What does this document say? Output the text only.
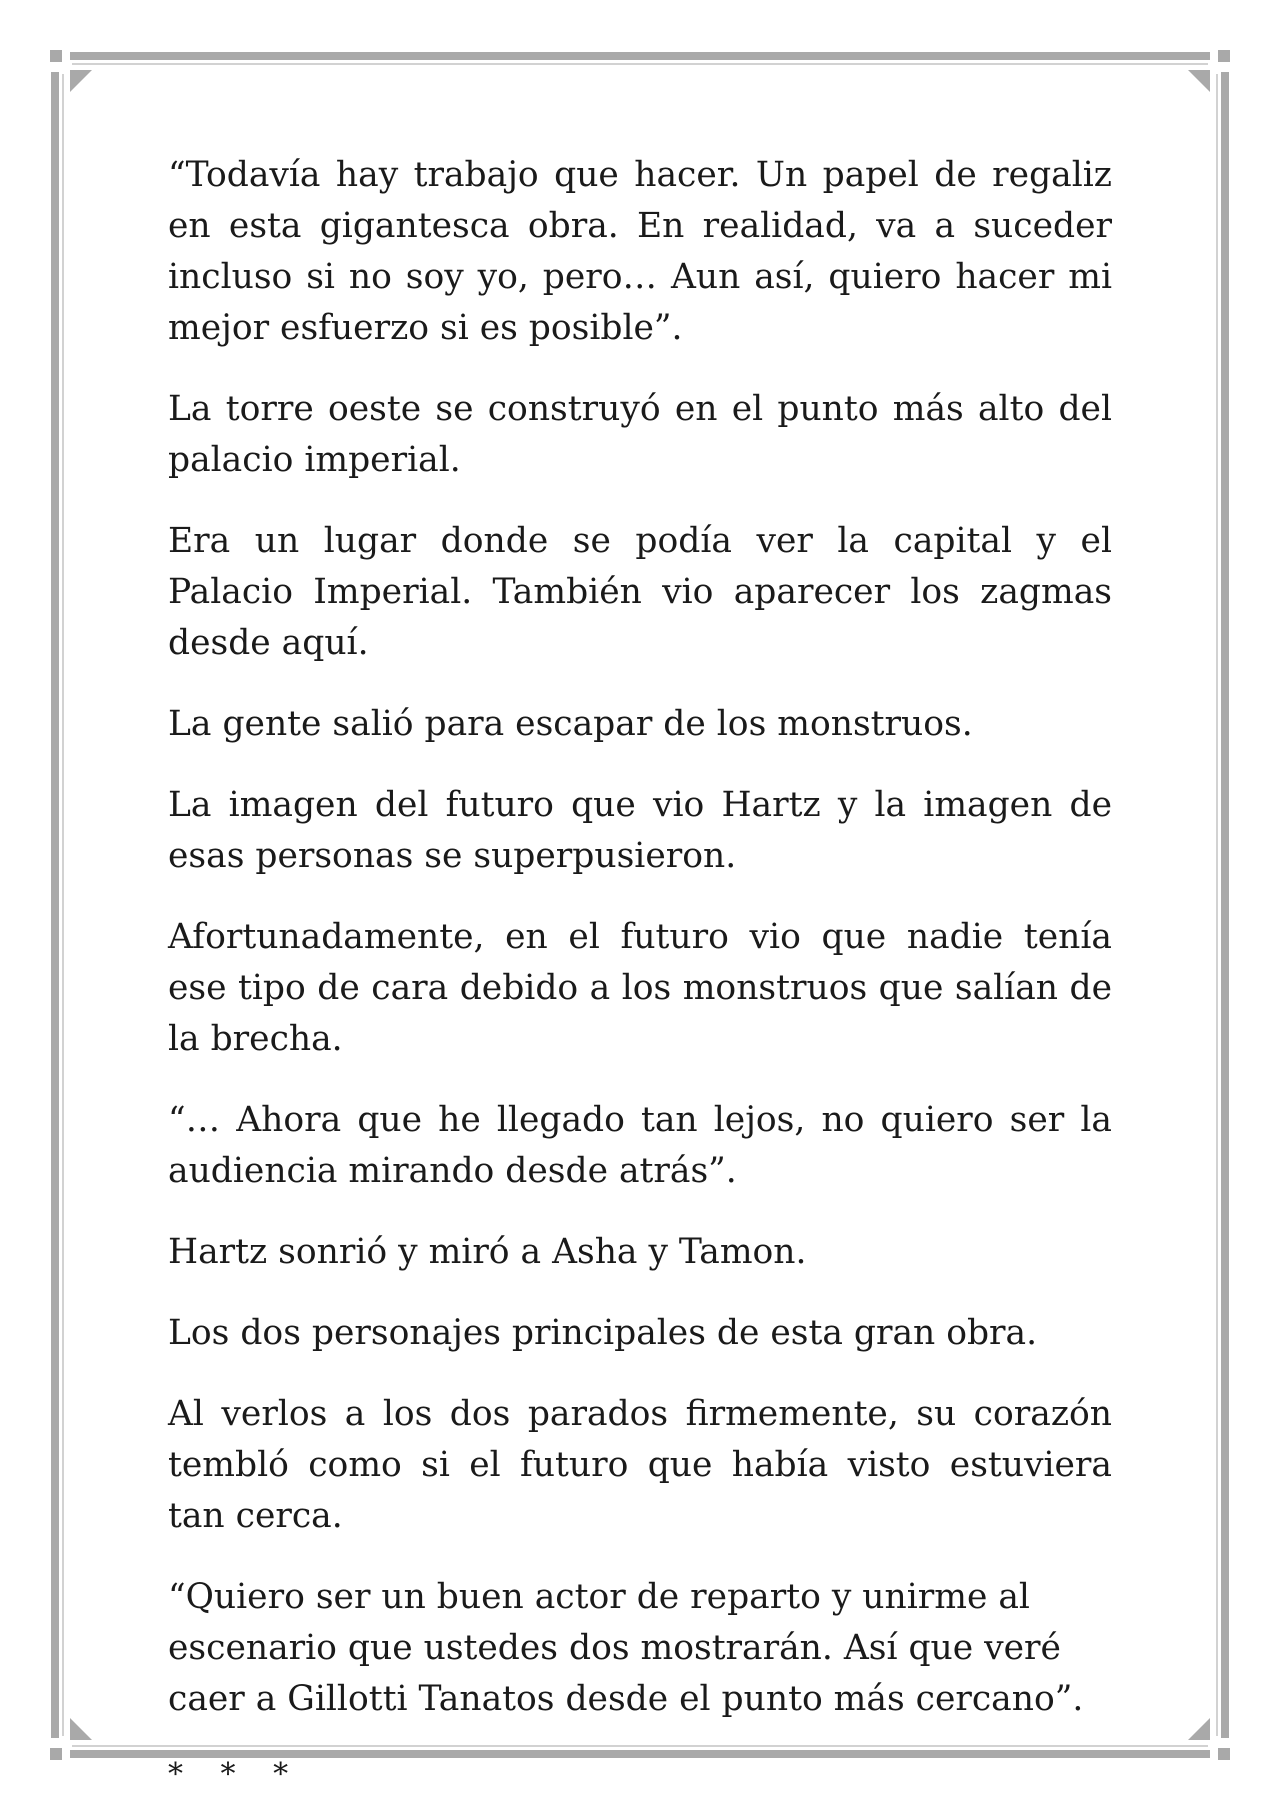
“Todavía hay trabajo que hacer. Un papel de regaliz en esta gigantesca obra. En realidad, va a suceder incluso si no soy yo, pero… Aun así, quiero hacer mi mejor esfuerzo si es posible”.

La torre oeste se construyó en el punto más alto del palacio imperial.

Era un lugar donde se podía ver la capital y el Palacio Imperial. También vio aparecer los zagmas desde aquí.

La gente salió para escapar de los monstruos.

La imagen del futuro que vio Hartz y la imagen de esas personas se superpusieron.

Afortunadamente, en el futuro vio que nadie tenía ese tipo de cara debido a los monstruos que salían de la brecha.

“… Ahora que he llegado tan lejos, no quiero ser la audiencia mirando desde atrás”.

Hartz sonrió y miró a Asha y Tamon.

Los dos personajes principales de esta gran obra.

Al verlos a los dos parados firmemente, su corazón tembló como si el futuro que había visto estuviera tan cerca.

“Quiero ser un buen actor de reparto y unirme al escenario que ustedes dos mostrarán. Así que veré caer a Gillotti Tanatos desde el punto más cercano”.

* * *
